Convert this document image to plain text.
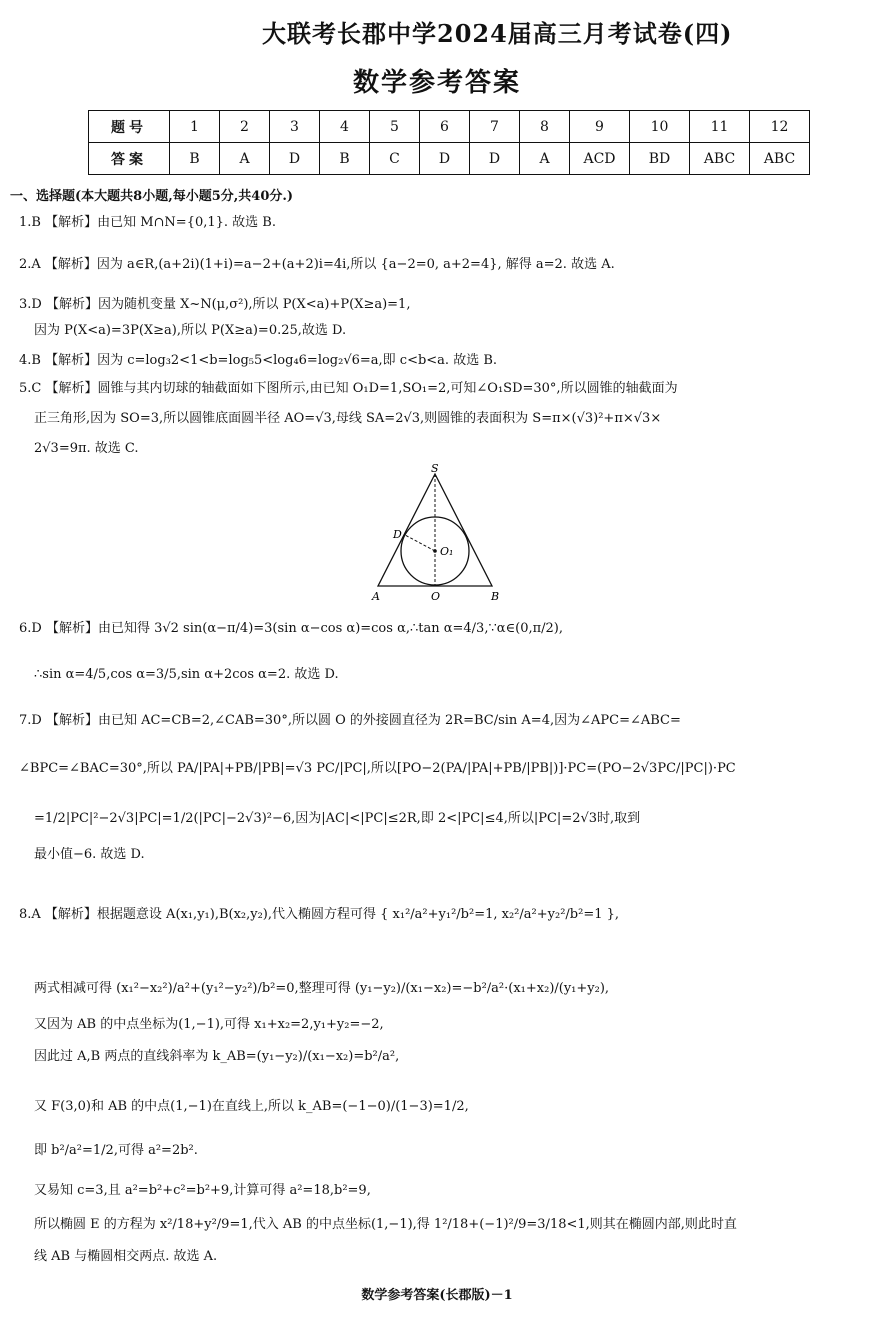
大联考长郡中学2024届高三月考试卷(四)
数学参考答案
题号	1	2	3	4	5	6	7	8	9	10	11	12
答案	B	A	D	B	C	D	D	A	ACD	BD	ABC	ABC
一、选择题(本大题共8小题,每小题5分,共40分.)
1.B 【解析】由已知 M∩N={0,1}. 故选 B.
2.A 【解析】因为 a∈R,(a+2i)(1+i)=a−2+(a+2)i=4i,所以 {a−2=0, a+2=4}, 解得 a=2. 故选 A.
3.D 【解析】因为随机变量 X~N(μ,σ²),所以 P(X<a)+P(X≥a)=1,
因为 P(X<a)=3P(X≥a),所以 P(X≥a)=0.25,故选 D.
4.B 【解析】因为 c=log₃2<1<b=log₅5<log₄6=log₂√6=a,即 c<b<a. 故选 B.
5.C 【解析】圆锥与其内切球的轴截面如下图所示,由已知 O₁D=1,SO₁=2,可知∠O₁SD=30°,所以圆锥的轴截面为
正三角形,因为 SO=3,所以圆锥底面圆半径 AO=√3,母线 SA=2√3,则圆锥的表面积为 S=π×(√3)²+π×√3×
2√3=9π. 故选 C.
S
D
O₁
A	O	B
6.D 【解析】由已知得 3√2 sin(α−π/4)=3(sin α−cos α)=cos α,∴tan α=4/3,∵α∈(0,π/2),
∴sin α=4/5,cos α=3/5,sin α+2cos α=2. 故选 D.
7.D 【解析】由已知 AC=CB=2,∠CAB=30°,所以圆 O 的外接圆直径为 2R=BC/sin A=4,因为∠APC=∠ABC=
∠BPC=∠BAC=30°,所以 PA/|PA|+PB/|PB|=√3 PC/|PC|,所以[PO−2(PA/|PA|+PB/|PB|)]·PC=(PO−2√3PC/|PC|)·PC
=1/2|PC|²−2√3|PC|=1/2(|PC|−2√3)²−6,因为|AC|<|PC|≤2R,即 2<|PC|≤4,所以|PC|=2√3时,取到
最小值−6. 故选 D.
8.A 【解析】根据题意设 A(x₁,y₁),B(x₂,y₂),代入椭圆方程可得 { x₁²/a²+y₁²/b²=1, x₂²/a²+y₂²/b²=1 },
两式相减可得 (x₁²−x₂²)/a²+(y₁²−y₂²)/b²=0,整理可得 (y₁−y₂)/(x₁−x₂)=−b²/a²·(x₁+x₂)/(y₁+y₂),
又因为 AB 的中点坐标为(1,−1),可得 x₁+x₂=2,y₁+y₂=−2,
因此过 A,B 两点的直线斜率为 k_AB=(y₁−y₂)/(x₁−x₂)=b²/a²,
又 F(3,0)和 AB 的中点(1,−1)在直线上,所以 k_AB=(−1−0)/(1−3)=1/2,
即 b²/a²=1/2,可得 a²=2b².
又易知 c=3,且 a²=b²+c²=b²+9,计算可得 a²=18,b²=9,
所以椭圆 E 的方程为 x²/18+y²/9=1,代入 AB 的中点坐标(1,−1),得 1²/18+(−1)²/9=3/18<1,则其在椭圆内部,则此时直
线 AB 与椭圆相交两点. 故选 A.
数学参考答案(长郡版)－1
